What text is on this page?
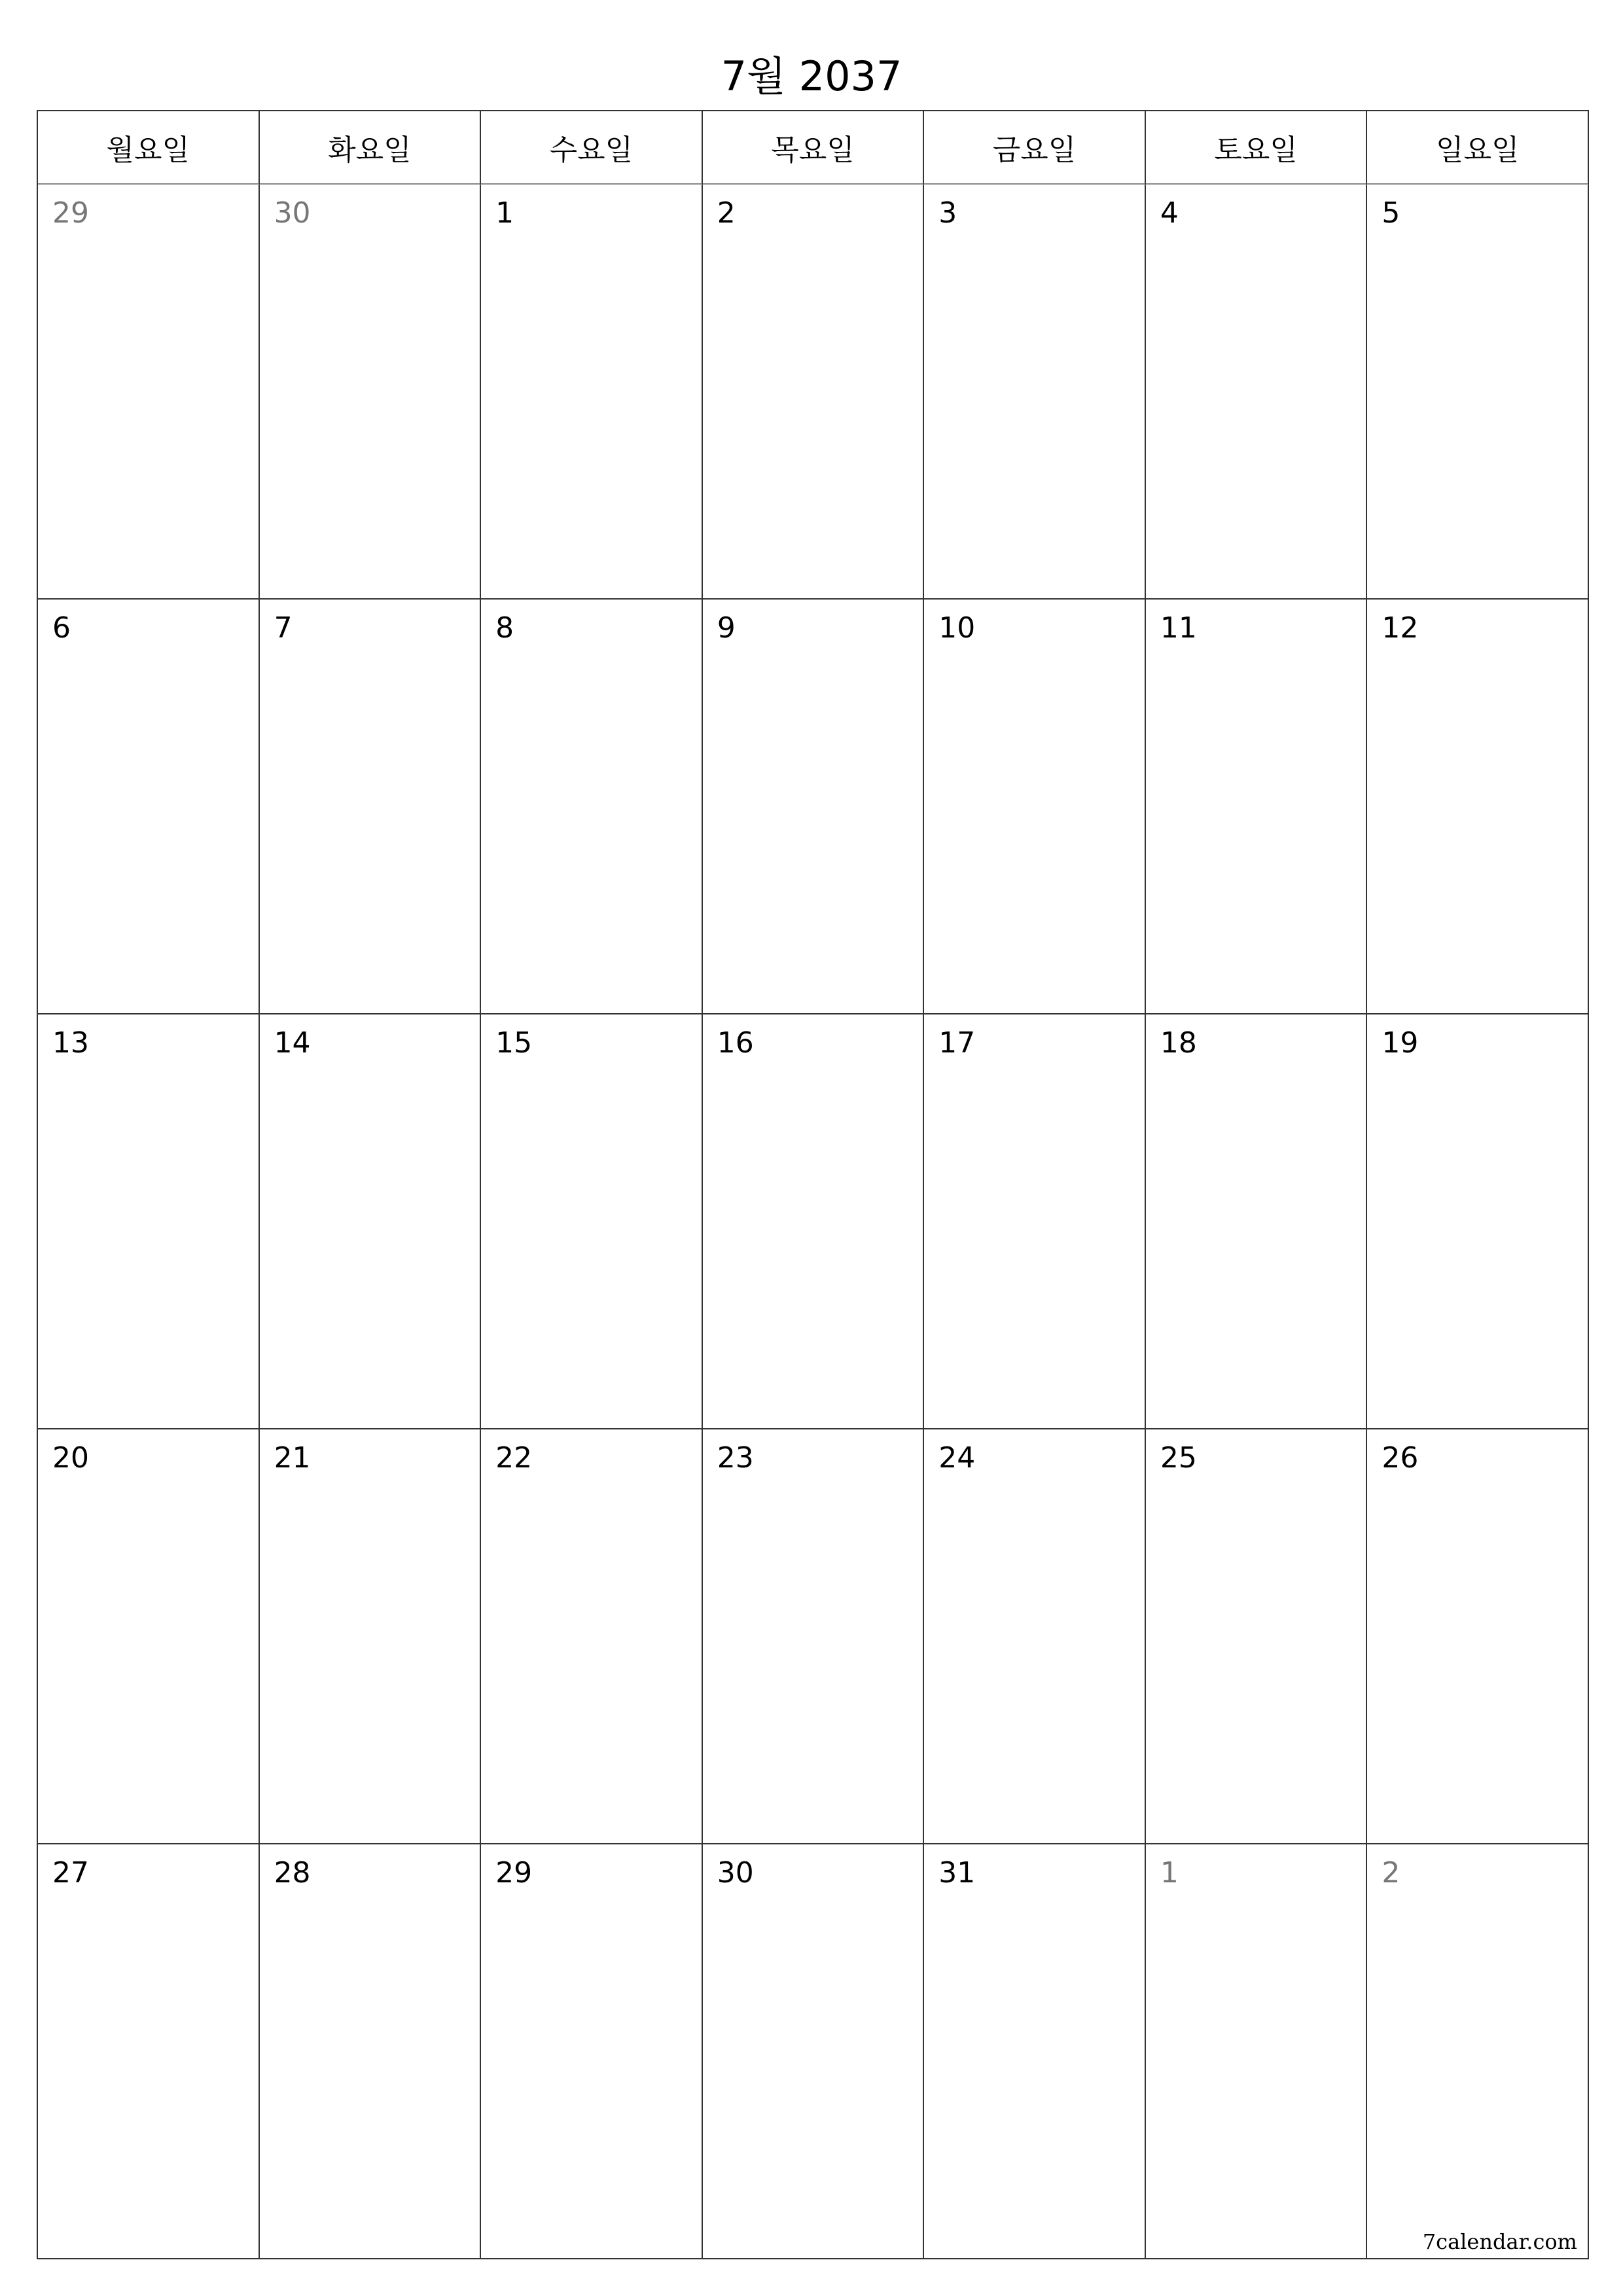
7월 2037
월요일	화요일	수요일	목요일	금요일	토요일	일요일
29	30	1	2	3	4	5
6	7	8	9	10	11	12
13	14	15	16	17	18	19
20	21	22	23	24	25	26
27	28	29	30	31	1	2
7calendar.com
